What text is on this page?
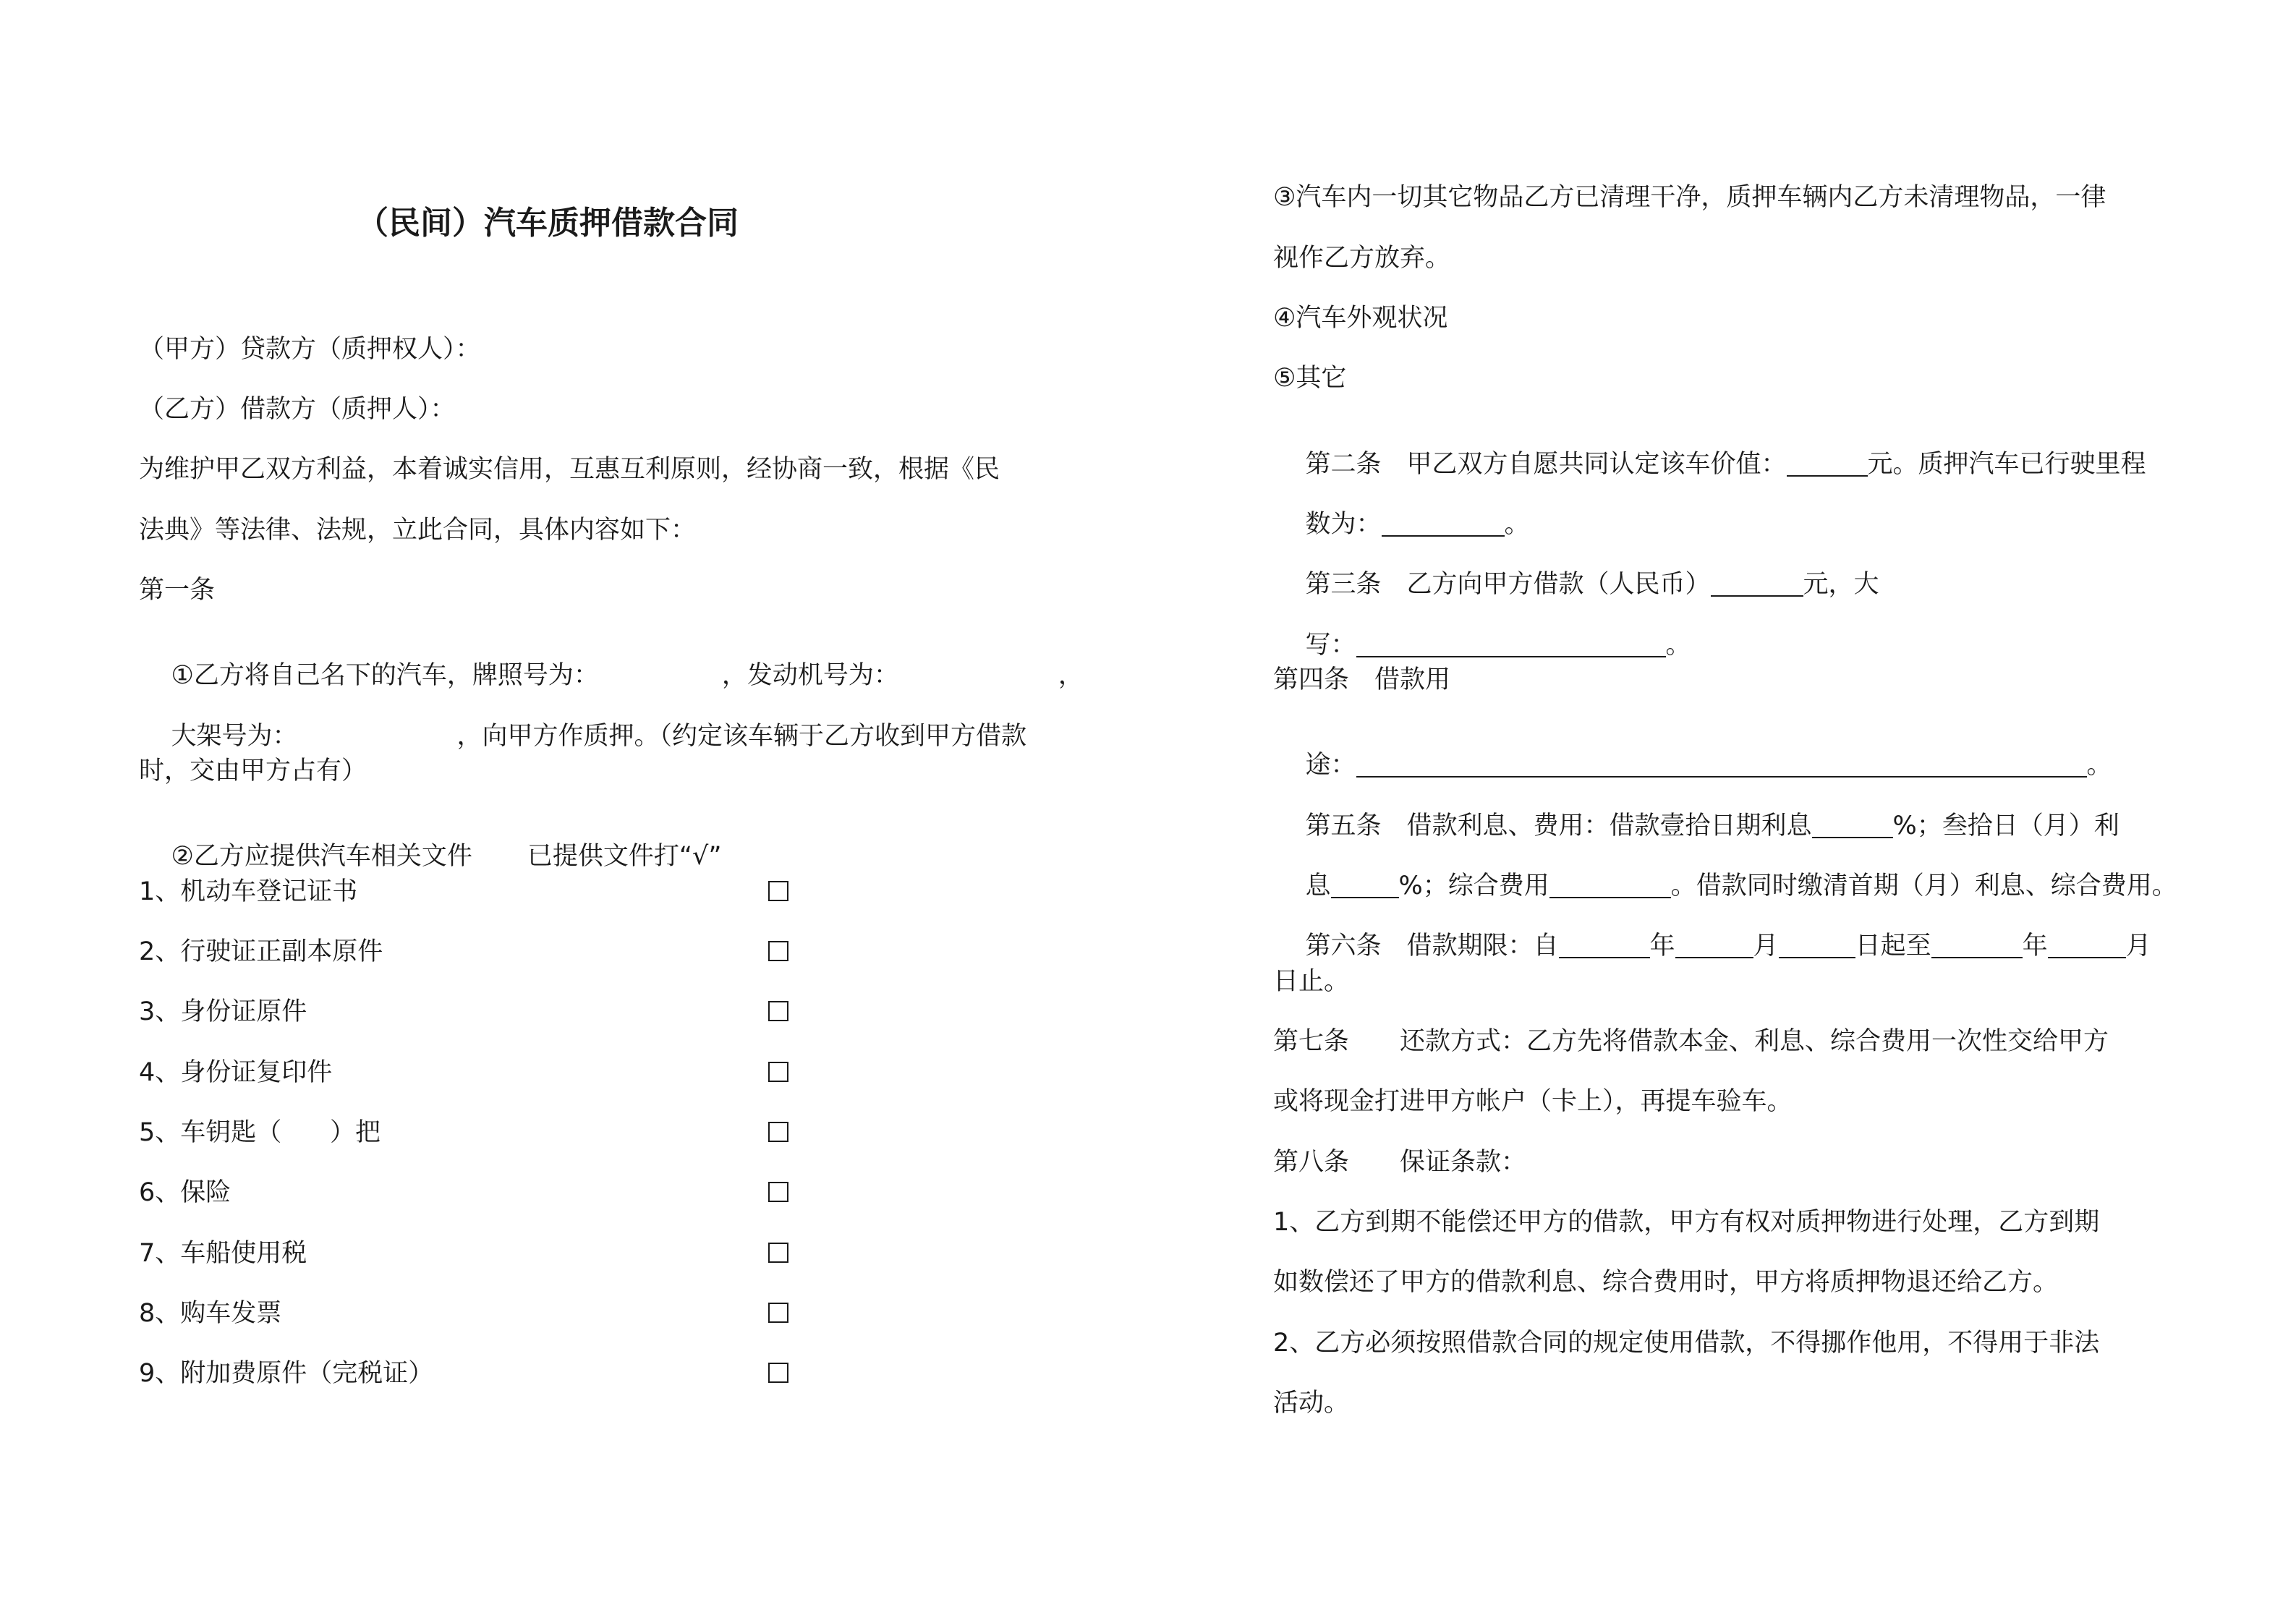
（民间）汽车质押借款合同
（甲方）贷款方（质押权人）：
（乙方）借款方（质押人）：
为维护甲乙双方利益，本着诚实信用，互惠互利原则，经协商一致，根据《民
法典》等法律、法规，立此合同，具体内容如下：
第一条

①乙方将自己名下的汽车，牌照号为：	，发动机号为：	，

大架号为：	，向甲方作质押。（约定该车辆于乙方收到甲方借款

时，交由甲方占有）

②乙方应提供汽车相关文件 已提供文件打“√”

1、机动车登记证书
2、行驶证正副本原件
3、身份证原件
4、身份证复印件
5、车钥匙（      ）把
6、保险
7、车船使用税
8、购车发票
9、附加费原件（完税证）
③汽车内一切其它物品乙方已清理干净，质押车辆内乙方未清理物品，一律
视作乙方放弃。
④汽车外观状况
⑤其它

第二条　甲乙双方自愿共同认定该车价值：	元。质押汽车已行驶里程

数为：	。

第三条　乙方向甲方借款（人民币）	元，大

写：	。

第四条　借款用

途：	。

第五条　借款利息、费用：借款壹拾日期利息	%；叁拾日（月）利

息	%；综合费用	。借款同时缴清首期（月）利息、综合费用。

第六条　借款期限：自	年	月	日起至	年	月

日止。
第七条　　还款方式：乙方先将借款本金、利息、综合费用一次性交给甲方
或将现金打进甲方帐户（卡上），再提车验车。
第八条　　保证条款：
1、乙方到期不能偿还甲方的借款，甲方有权对质押物进行处理，乙方到期
如数偿还了甲方的借款利息、综合费用时，甲方将质押物退还给乙方。
2、乙方必须按照借款合同的规定使用借款，不得挪作他用，不得用于非法
活动。
